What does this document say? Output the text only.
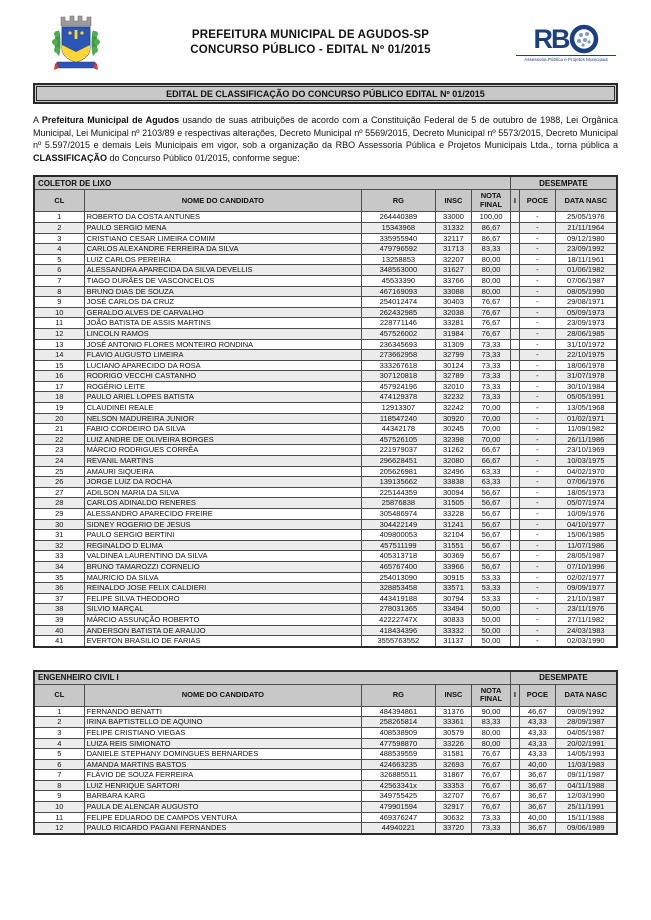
PREFEITURA MUNICIPAL DE AGUDOS-SP
CONCURSO PÚBLICO - EDITAL Nº 01/2015	RB
Assessoria Pública e Projetos Municipais
EDITAL DE CLASSIFICAÇÃO DO CONCURSO PÚBLICO EDITAL Nº 01/2015

A Prefeitura Municipal de Agudos usando de suas atribuições de acordo com a Constituição Federal de 5 de outubro de 1988, Lei Orgânica Municipal, Lei Municipal nº 2103/89 e respectivas alterações, Decreto Municipal nº 5569/2015, Decreto Municipal nº 5573/2015, Decreto Municipal nº 5.597/2015 e demais Leis Municipais em vigor, sob a organização da RBO Assessoria Pública e Projetos Municipais Ltda., torna pública a CLASSIFICAÇÃO do Concurso Público 01/2015, conforme segue:

COLETOR DE LIXO					DESEMPATE		
CL	NOME DO CANDIDATO	RG	INSC	NOTA FINAL	I	POCE	DATA NASC
1	ROBERTO DA COSTA ANTUNES	264440389	33000	100,00		-	25/05/1976
2	PAULO SERGIO MENA	15343968	31332	86,67		-	21/11/1964
3	CRISTIANO CESAR LIMEIRA COMIM	335955940	32117	86,67		-	09/12/1980
4	CARLOS ALEXANDRE FERREIRA DA SILVA	479796592	31713	83,33		-	23/09/1992
5	LUIZ CARLOS PEREIRA	13258853	32207	80,00		-	18/11/1961
6	ALESSANDRA APARECIDA DA SILVA DEVELLIS	348563000	31627	80,00		-	01/06/1982
7	TIAGO DURÃES DE VASCONCELOS	45533390	33766	80,00		-	07/06/1987
8	BRUNO DIAS DE SOUZA	467169093	33088	80,00		-	08/05/1990
9	JOSÉ CARLOS DA CRUZ	254012474	30403	76,67		-	29/08/1971
10	GERALDO ALVES DE CARVALHO	262432985	32038	76,67		-	05/09/1973
11	JOÃO BATISTA DE ASSIS MARTINS	228771146	33281	76,67		-	23/09/1973
12	LINCOLN RAMOS	457526002	31984	76,67		-	28/06/1985
13	JOSÉ ANTONIO FLORES MONTEIRO RONDINA	236345693	31309	73,33		-	31/10/1972
14	FLAVIO AUGUSTO LIMEIRA	273662958	32799	73,33		-	22/10/1975
15	LUCIANO APARECIDO DA ROSA	333267618	30124	73,33		-	18/06/1978
16	RODRIGO VECCHI CASTANHO	307120818	32789	73,33		-	31/07/1978
17	ROGÉRIO LEITE	457924196	32010	73,33		-	30/10/1984
18	PAULO ARIEL LOPES BATISTA	474129378	32232	73,33		-	05/05/1991
19	CLAUDINEI REALE	12913307	32242	70,00		-	13/05/1968
20	NELSON MADUREIRA JUNIOR	118547240	30920	70,00		-	01/02/1971
21	FABIO CORDEIRO DA SILVA	44342178	30245	70,00		-	11/09/1982
22	LUIZ ANDRE DE OLIVEIRA BORGES	457526105	32398	70,00		-	26/11/1986
23	MÁRCIO RODRIGUES CORRÊA	221979037	31262	66,67		-	23/10/1969
24	REVANIL MARTINS	296628451	32080	66,67		-	10/03/1975
25	AMAURI SIQUEIRA	205626981	32496	63,33		-	04/02/1970
26	JORGE LUIZ DA ROCHA	139135662	33838	63,33		-	07/06/1976
27	ADILSON MARIA DA SILVA	225144359	30094	56,67		-	18/05/1973
28	CARLOS ADINALDO RENERES	25876838	31505	56,67		-	05/07/1974
29	ALESSANDRO APARECIDO FREIRE	305486974	33228	56,67		-	10/09/1976
30	SIDNEY ROGERIO DE JESUS	304422149	31241	56,67		-	04/10/1977
31	PAULO SERGIO BERTINI	409800053	32104	56,67		-	15/06/1985
32	REGINALDO D ELIMA	457511199	31551	56,67		-	11/07/1986
33	VALDINEA LAURENTINO DA SILVA	405313718	30369	56,67		-	28/05/1987
34	BRUNO TAMAROZZI CORNELIO	465767400	33966	56,67		-	07/10/1996
35	MAURICIO DA SILVA	254013090	30915	53,33		-	02/02/1977
36	REINALDO JOSE FELIX CALDIERI	328853458	33571	53,33		-	09/09/1977
37	FELIPE SILVA THEODORO	443419188	30794	53,33		-	21/10/1987
38	SILVIO MARÇAL	278031365	33494	50,00		-	23/11/1976
39	MÁRCIO ASSUNÇÃO ROBERTO	42222747X	30833	50,00		-	27/11/1982
40	ANDERSON BATISTA DE ARAUJO	418434396	33332	50,00		-	24/03/1983
41	EVERTON BRASILIO DE FARIAS	3555763552	31137	50,00		-	02/03/1990
ENGENHEIRO CIVIL I					DESEMPATE		
CL	NOME DO CANDIDATO	RG	INSC	NOTA FINAL	I	POCE	DATA NASC
1	FERNANDO BENATTI	484394861	31376	90,00		46,67	09/09/1992
2	IRINA BAPTISTELLO DE AQUINO	258265814	33361	83,33		43,33	28/09/1987
3	FELIPE CRISTIANO VIEGAS	408538909	30579	80,00		43,33	04/05/1987
4	LUIZA REIS SIMIONATO	477598870	33226	80,00		43,33	20/02/1991
5	DANIELE STEPHANY DOMINGUES BERNARDES	488539559	31581	76,67		43,33	14/05/1993
6	AMANDA MARTINS BASTOS	424663235	32693	76,67		40,00	11/03/1983
7	FLÁVIO DE SOUZA FERREIRA	326885511	31867	76,67		36,67	09/11/1987
8	LUIZ HENRIQUE SARTORI	42563341x	33353	76,67		36,67	04/11/1988
9	BARBARA KARG	349755425	32707	76,67		36,67	12/03/1990
10	PAULA DE ALENCAR AUGUSTO	479901594	32917	76,67		36,67	25/11/1991
11	FELIPE EDUARDO DE CAMPOS VENTURA	469376247	30632	73,33		40,00	15/11/1988
12	PAULO RICARDO PAGANI FERNANDES	44940221	33720	73,33		36,67	09/06/1989
